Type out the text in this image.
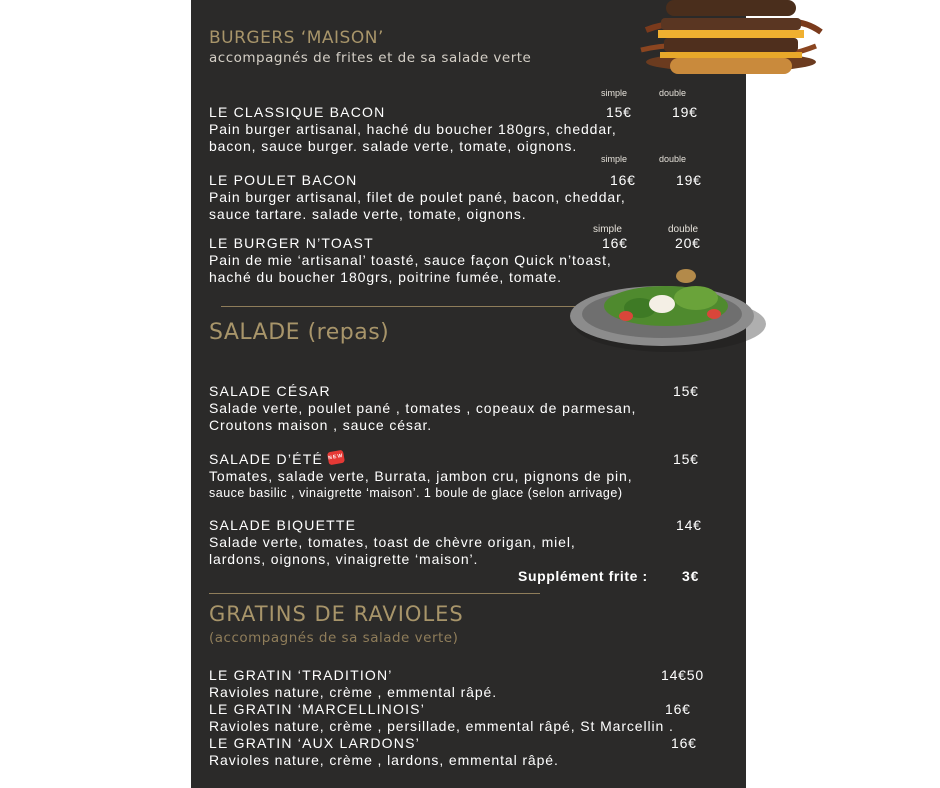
BURGERS ‘MAISON’
accompagnés de frites et de sa salade verte
simple	double
LE CLASSIQUE BACON	15€	19€
Pain burger artisanal, haché du boucher 180grs, cheddar,
bacon, sauce burger. salade verte, tomate, oignons.
simple	double
LE POULET BACON	16€	19€
Pain burger artisanal, filet de poulet pané, bacon, cheddar,
sauce tartare. salade verte, tomate, oignons.
simple	double
LE BURGER N’TOAST	16€	20€
Pain de mie ‘artisanal’ toasté, sauce façon Quick n’toast,
haché du boucher 180grs, poitrine fumée, tomate.
SALADE (repas)
SALADE CÉSAR	15€
Salade verte, poulet pané , tomates , copeaux de parmesan,
Croutons maison , sauce césar.
SALADE D’ÉTÉ NEW	15€
Tomates, salade verte, Burrata, jambon cru, pignons de pin,
sauce basilic , vinaigrette ‘maison’. 1 boule de glace (selon arrivage)
SALADE BIQUETTE	14€
Salade verte, tomates, toast de chèvre origan, miel,
lardons, oignons, vinaigrette ‘maison’.
Supplément frite : 3€
GRATINS DE RAVIOLES
(accompagnés de sa salade verte)
LE GRATIN ‘TRADITION’	14€50
Ravioles nature, crème , emmental râpé.
LE GRATIN ‘MARCELLINOIS’	16€
Ravioles nature, crème , persillade, emmental râpé, St Marcellin .
LE GRATIN ‘AUX LARDONS’	16€
Ravioles nature, crème , lardons, emmental râpé.
